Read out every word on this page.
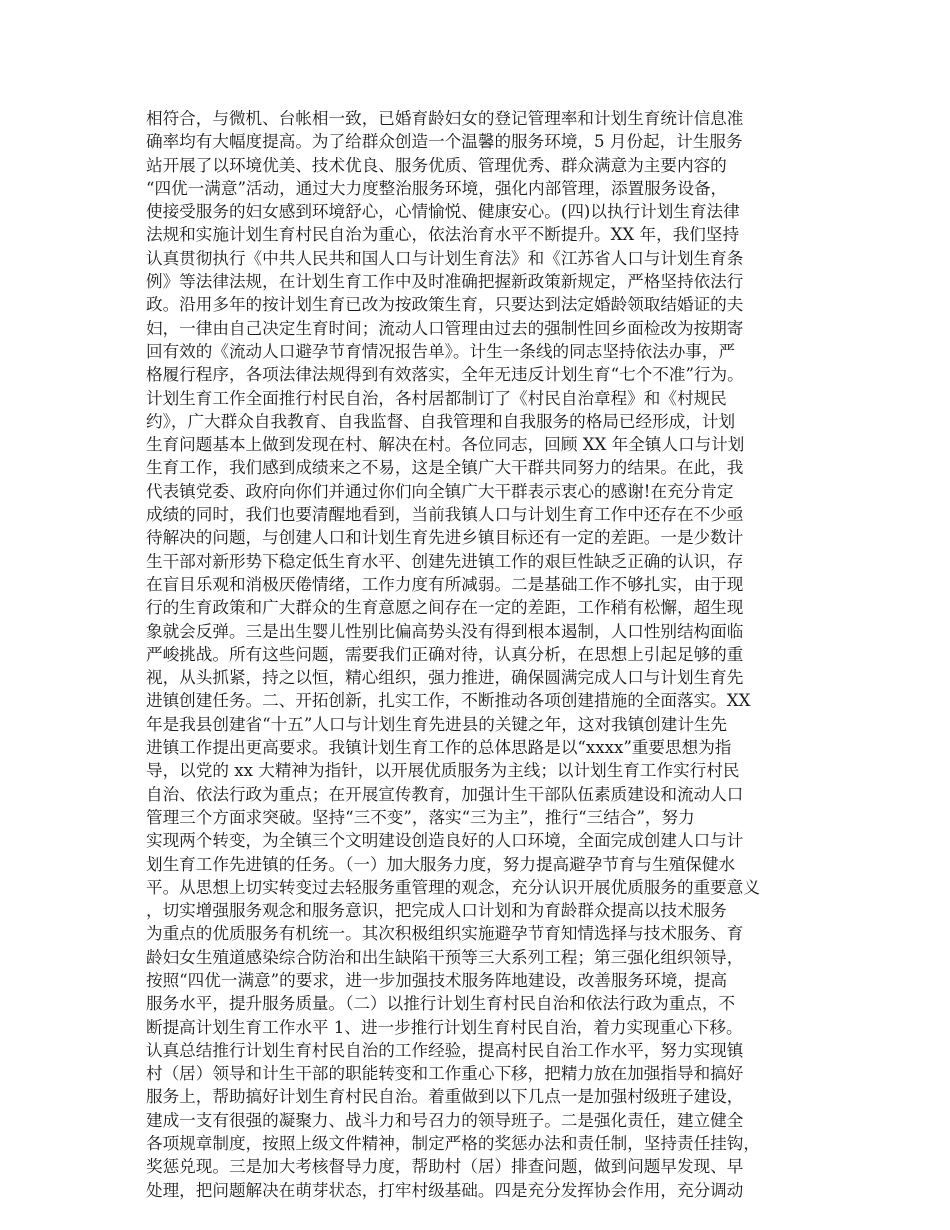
相符合，与微机、台帐相一致，已婚育龄妇女的登记管理率和计划生育统计信息准
确率均有大幅度提高。为了给群众创造一个温馨的服务环境，5 月份起，计生服务
站开展了以环境优美、技术优良、服务优质、管理优秀、群众满意为主要内容的
“四优一满意”活动，通过大力度整治服务环境，强化内部管理，添置服务设备，
使接受服务的妇女感到环境舒心，心情愉悦、健康安心。(四)以执行计划生育法律
法规和实施计划生育村民自治为重心，依法治育水平不断提升。XX 年，我们坚持
认真贯彻执行《中共人民共和国人口与计划生育法》和《江苏省人口与计划生育条
例》等法律法规，在计划生育工作中及时准确把握新政策新规定，严格坚持依法行
政。沿用多年的按计划生育已改为按政策生育，只要达到法定婚龄领取结婚证的夫
妇，一律由自己决定生育时间；流动人口管理由过去的强制性回乡面检改为按期寄
回有效的《流动人口避孕节育情况报告单》。计生一条线的同志坚持依法办事，严
格履行程序，各项法律法规得到有效落实，全年无违反计划生育“七个不准”行为。
计划生育工作全面推行村民自治，各村居都制订了《村民自治章程》和《村规民
约》，广大群众自我教育、自我监督、自我管理和自我服务的格局已经形成，计划
生育问题基本上做到发现在村、解决在村。各位同志，回顾 XX 年全镇人口与计划
生育工作，我们感到成绩来之不易，这是全镇广大干群共同努力的结果。在此，我
代表镇党委、政府向你们并通过你们向全镇广大干群表示衷心的感谢!在充分肯定
成绩的同时，我们也要清醒地看到，当前我镇人口与计划生育工作中还存在不少亟
待解决的问题，与创建人口和计划生育先进乡镇目标还有一定的差距。一是少数计
生干部对新形势下稳定低生育水平、创建先进镇工作的艰巨性缺乏正确的认识，存
在盲目乐观和消极厌倦情绪，工作力度有所减弱。二是基础工作不够扎实，由于现
行的生育政策和广大群众的生育意愿之间存在一定的差距，工作稍有松懈，超生现
象就会反弹。三是出生婴儿性别比偏高势头没有得到根本遏制，人口性别结构面临
严峻挑战。所有这些问题，需要我们正确对待，认真分析，在思想上引起足够的重
视，从头抓紧，持之以恒，精心组织，强力推进，确保圆满完成人口与计划生育先
进镇创建任务。二、开拓创新，扎实工作，不断推动各项创建措施的全面落实。XX
年是我县创建省“十五”人口与计划生育先进县的关键之年，这对我镇创建计生先
进镇工作提出更高要求。我镇计划生育工作的总体思路是以“xxxx”重要思想为指
导，以党的 xx 大精神为指针，以开展优质服务为主线；以计划生育工作实行村民
自治、依法行政为重点；在开展宣传教育，加强计生干部队伍素质建设和流动人口
管理三个方面求突破。坚持“三不变”，落实“三为主”，推行“三结合”，努力
实现两个转变，为全镇三个文明建设创造良好的人口环境，全面完成创建人口与计
划生育工作先进镇的任务。（一）加大服务力度，努力提高避孕节育与生殖保健水
平。从思想上切实转变过去轻服务重管理的观念，充分认识开展优质服务的重要意义
，切实增强服务观念和服务意识，把完成人口计划和为育龄群众提高以技术服务
为重点的优质服务有机统一。其次积极组织实施避孕节育知情选择与技术服务、育
龄妇女生殖道感染综合防治和出生缺陷干预等三大系列工程；第三强化组织领导，
按照“四优一满意”的要求，进一步加强技术服务阵地建设，改善服务环境，提高
服务水平，提升服务质量。（二）以推行计划生育村民自治和依法行政为重点，不
断提高计划生育工作水平 1、进一步推行计划生育村民自治，着力实现重心下移。
认真总结推行计划生育村民自治的工作经验，提高村民自治工作水平，努力实现镇
村（居）领导和计生干部的职能转变和工作重心下移，把精力放在加强指导和搞好
服务上，帮助搞好计划生育村民自治。着重做到以下几点一是加强村级班子建设，
建成一支有很强的凝聚力、战斗力和号召力的领导班子。二是强化责任，建立健全
各项规章制度，按照上级文件精神，制定严格的奖惩办法和责任制，坚持责任挂钩，
奖惩兑现。三是加大考核督导力度，帮助村（居）排查问题，做到问题早发现、早
处理，把问题解决在萌芽状态，打牢村级基础。四是充分发挥协会作用，充分调动
